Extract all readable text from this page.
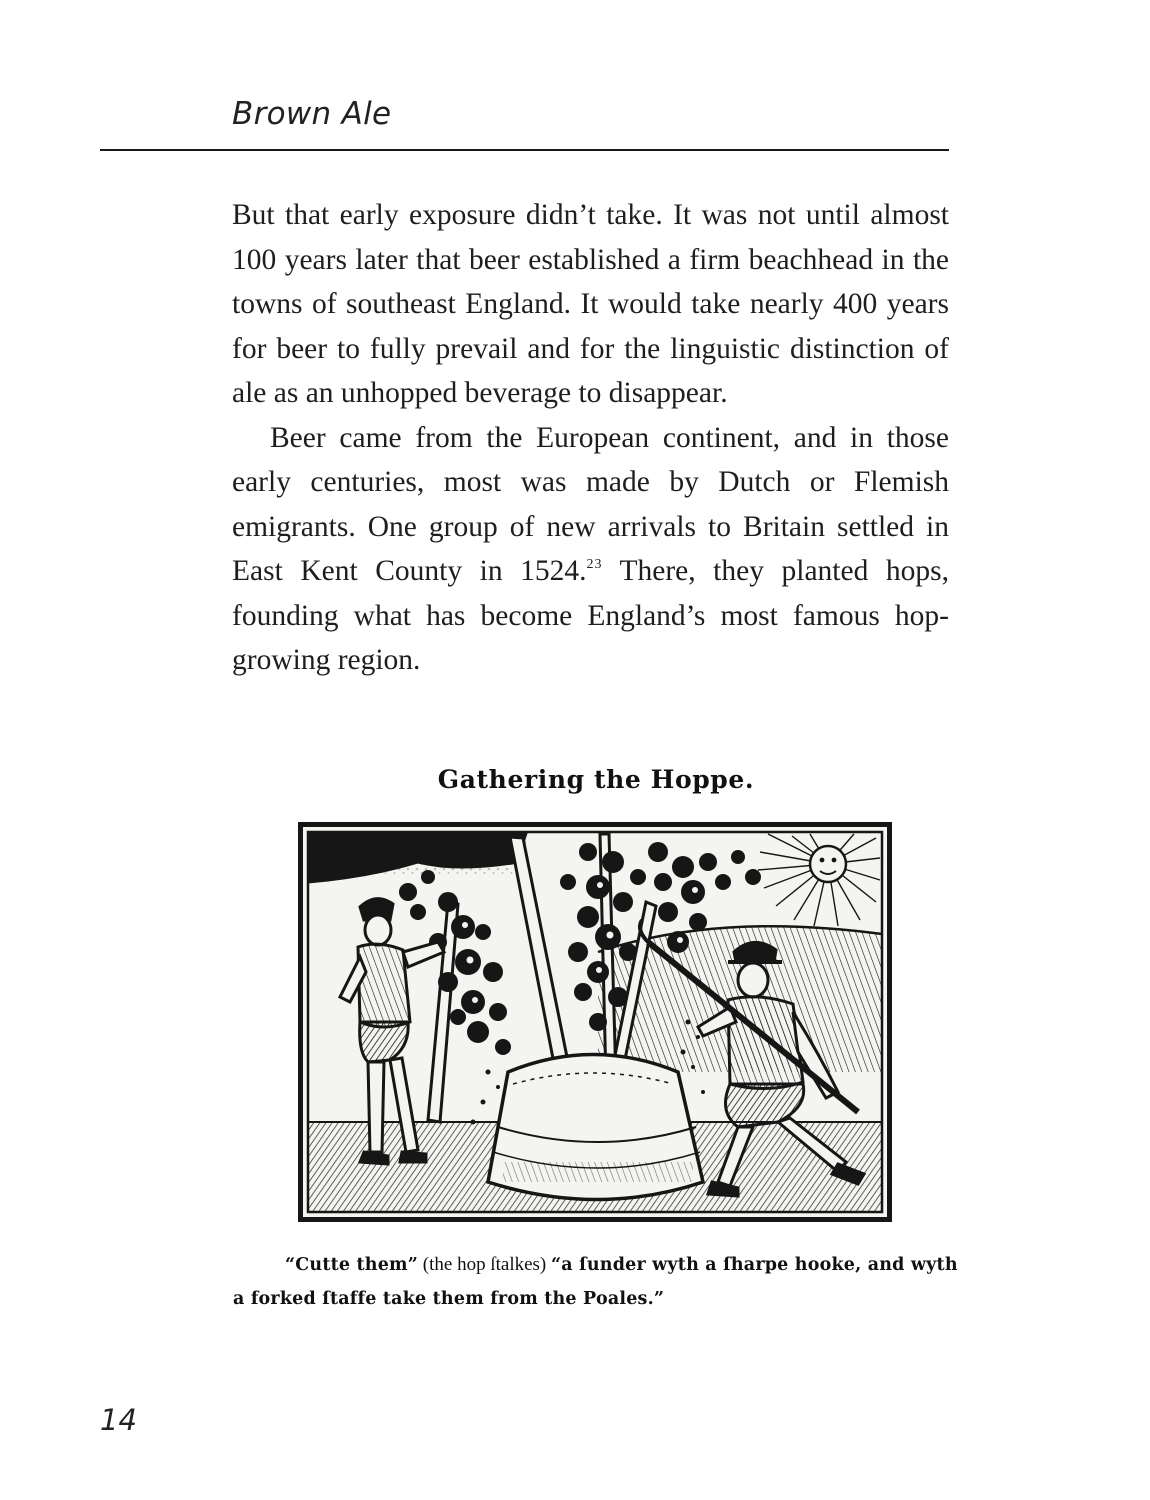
Brown Ale

But that early exposure didn’t take. It was not until almost 100 years later that beer established a firm beachhead in the towns of southeast England. It would take nearly 400 years for beer to fully prevail and for the linguistic distinction of ale as an unhopped beverage to disappear.

Beer came from the European continent, and in those early centuries, most was made by Dutch or Flemish emigrants. One group of new arrivals to Britain settled in East Kent County in 1524.23 There, they planted hops, founding what has become England’s most famous hop-growing region.

Gathering the Hoppe.

“Cutte them” (the hop ſtalkes) “a ſunder wyth a ſharpe hooke, and wyth
a forked ſtaffe take them from the Poales.”

14
